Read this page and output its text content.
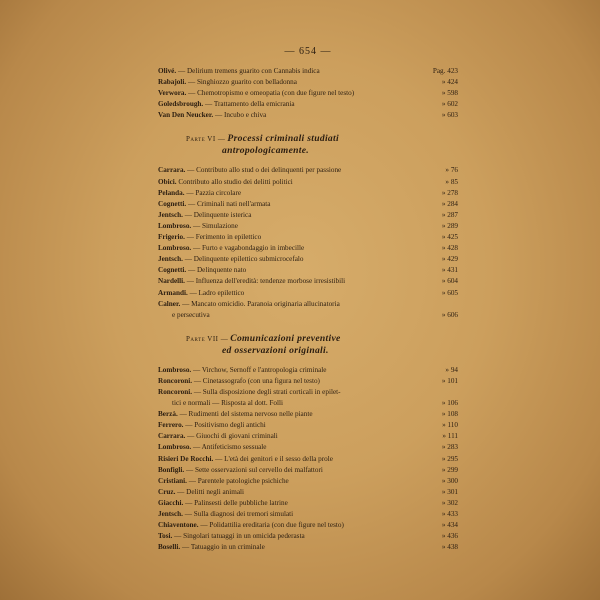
— 654 —
Olivé. — Delirium tremens guarito con Cannabis indica	Pag. 423
Rabajoli. — Singhiozzo guarito con belladonna	» 424
Verwora. — Chemotropismo e omeopatia (con due figure nel testo)	» 598
Goledsbrough. — Trattamento della emicrania	» 602
Van Den Neucker. — Incubo e chiva	» 603
Parte VI — Processi criminali studiati
antropologicamente.
Carrara. — Contributo allo stud o dei delinquenti per passione	» 76
Obici. Contributo allo studio dei delitti politici	» 85
Pelanda. — Pazzia circolare	» 278
Cognetti. — Criminali nati nell'armata	» 284
Jentsch. — Delinquente isterica	» 287
Lombroso. — Simulazione	» 289
Frigerio. — Ferimento in epilettico	» 425
Lombroso. — Furto e vagabondaggio in imbecille	» 428
Jentsch. — Delinquente epilettico submicrocefalo	» 429
Cognetti. — Delinquente nato	» 431
Nardelli. — Influenza dell'eredità: tendenze morbose irresistibili	» 604
Armandi. — Ladro epilettico	» 605
Calner. — Mancato omicidio. Paranoia originaria allucinatoria
e persecutiva	» 606
Parte VII — Comunicazioni preventive
ed osservazioni originali.
Lombroso. — Virchow, Sernoff e l'antropologia criminale	» 94
Roncoroni. — Cinetassografo (con una figura nel testo)	» 101
Roncoroni. — Sulla disposizione degli strati corticali in epilet-
tici e normali — Risposta al dott. Folli	» 106
Berzà. — Rudimenti del sistema nervoso nelle piante	» 108
Ferrero. — Positivismo degli antichi	» 110
Carrara. — Giuochi di giovani criminali	» 111
Lombroso. — Antifeticismo sessuale	» 283
Risieri De Rocchi. — L'età dei genitori e il sesso della prole	» 295
Bonfigli. — Sette osservazioni sul cervello dei malfattori	» 299
Cristiani. — Parentele patologiche psichiche	» 300
Cruz. — Delitti negli animali	» 301
Giacchi. — Palinsesti delle pubbliche latrine	» 302
Jentsch. — Sulla diagnosi dei tremori simulati	» 433
Chiaventone. — Polidattilia ereditaria (con due figure nel testo)	» 434
Tosi. — Singolari tatuaggi in un omicida pederasta	» 436
Boselli. — Tatuaggio in un criminale	» 438
